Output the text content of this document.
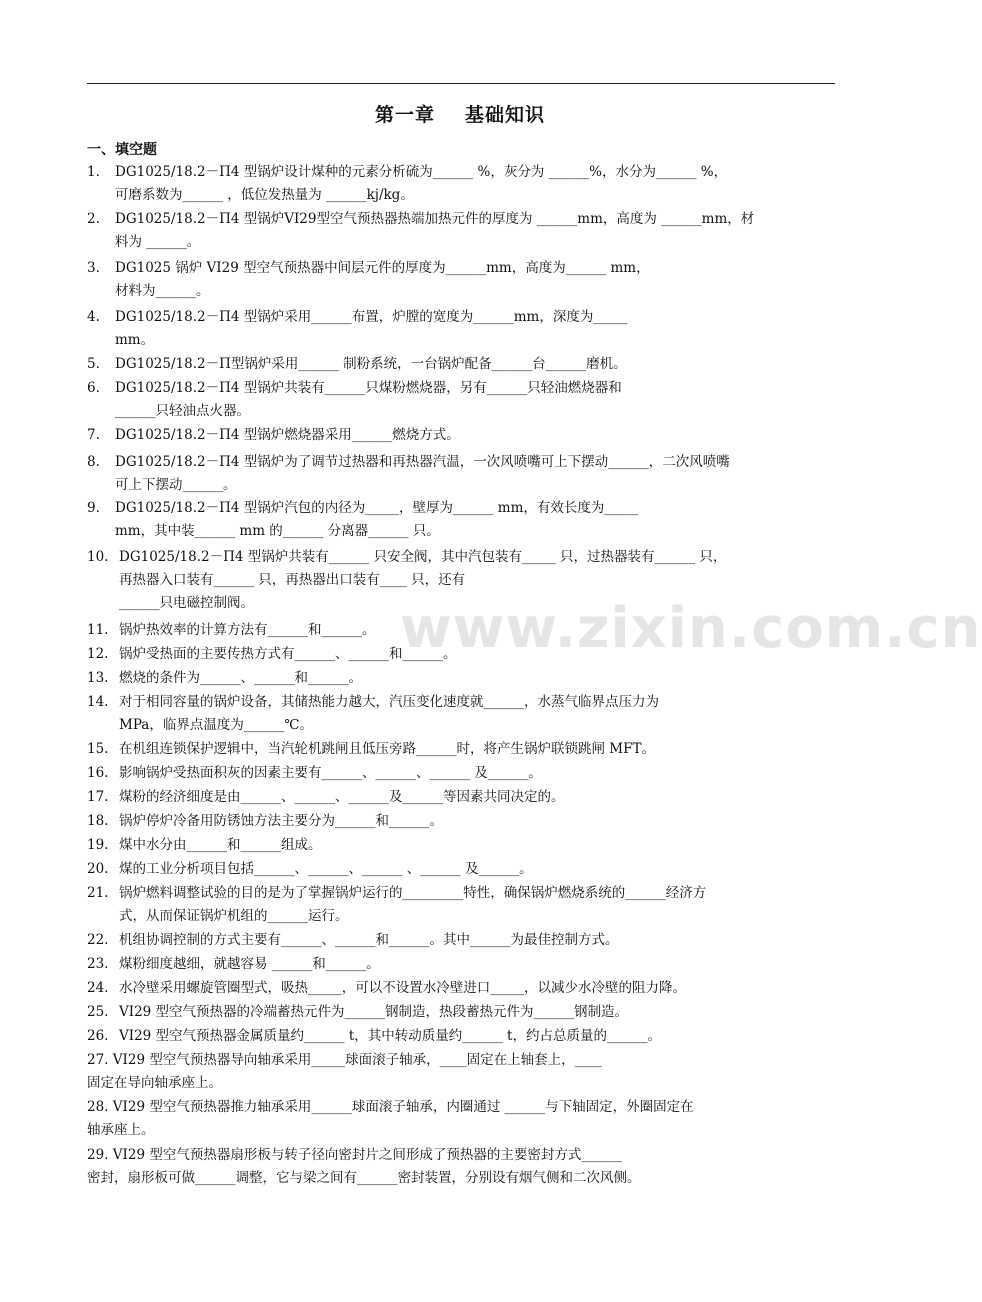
第一章 基础知识
一、填空题
DG1025/18.2－Π4 型锅炉设计煤种的元素分析硫为______ %，灰分为 ______%，水分为______ %，
可磨系数为______ ，低位发热量为 ______kj/kg。
1.
DG1025/18.2－Π4 型锅炉VI29型空气预热器热端加热元件的厚度为 ______mm，高度为 ______mm，材
料为 ______。
2.
DG1025 锅炉 VI29 型空气预热器中间层元件的厚度为______mm，高度为______ mm，
材料为______。
3.
DG1025/18.2－Π4 型锅炉采用______布置，炉膛的宽度为______mm，深度为_____
mm。
4.
DG1025/18.2－Π型锅炉采用______ 制粉系统，一台锅炉配备______台______磨机。
5.
DG1025/18.2－Π4 型锅炉共装有______只煤粉燃烧器，另有______只轻油燃烧器和
______只轻油点火器。
6.
DG1025/18.2－Π4 型锅炉燃烧器采用______燃烧方式。
7.
DG1025/18.2－Π4 型锅炉为了调节过热器和再热器汽温，一次风喷嘴可上下摆动______，二次风喷嘴
可上下摆动______。
8.
DG1025/18.2－Π4 型锅炉汽包的内径为_____，壁厚为______ mm，有效长度为_____
mm，其中装______ mm 的______ 分离器______ 只。
9.
DG1025/18.2－Π4 型锅炉共装有______ 只安全阀，其中汽包装有_____ 只，过热器装有______ 只，
再热器入口装有______ 只，再热器出口装有____ 只，还有
______只电磁控制阀。
10.
锅炉热效率的计算方法有______和______。
11.
锅炉受热面的主要传热方式有______、______和______。
12.
燃烧的条件为______、______和______。
13.
对于相同容量的锅炉设备，其储热能力越大，汽压变化速度就______，水蒸气临界点压力为
MPa，临界点温度为______℃。
14.
在机组连锁保护逻辑中，当汽轮机跳闸且低压旁路______时，将产生锅炉联锁跳闸 MFT。
15.
影响锅炉受热面积灰的因素主要有______、______、______ 及______。
16.
煤粉的经济细度是由______、______、______及______等因素共同决定的。
17.
锅炉停炉冷备用防锈蚀方法主要分为______和______。
18.
煤中水分由______和______组成。
19.
煤的工业分析项目包括______、______、______ 、______ 及______。
20.
锅炉燃料调整试验的目的是为了掌握锅炉运行的_________特性，确保锅炉燃烧系统的______经济方
式，从而保证锅炉机组的______运行。
21.
机组协调控制的方式主要有______、______和______。其中______为最佳控制方式。
22.
煤粉细度越细，就越容易 ______和______。
23.
水冷壁采用螺旋管圈型式，吸热_____，可以不设置水冷壁进口_____，以减少水冷壁的阻力降。
24.
VI29 型空气预热器的冷端蓄热元件为______钢制造，热段蓄热元件为______钢制造。
25.
VI29 型空气预热器金属质量约______ t，其中转动质量约______ t，约占总质量的______。
26.
27. VI29 型空气预热器导向轴承采用_____球面滚子轴承，____固定在上轴套上，____
固定在导向轴承座上。
28. VI29 型空气预热器推力轴承采用______球面滚子轴承，内圈通过 ______与下轴固定，外圈固定在
轴承座上。
29. VI29 型空气预热器扇形板与转子径向密封片之间形成了预热器的主要密封方式______
密封，扇形板可做______调整，它与梁之间有______密封装置，分别设有烟气侧和二次风侧。
www.zixin.com.cn
